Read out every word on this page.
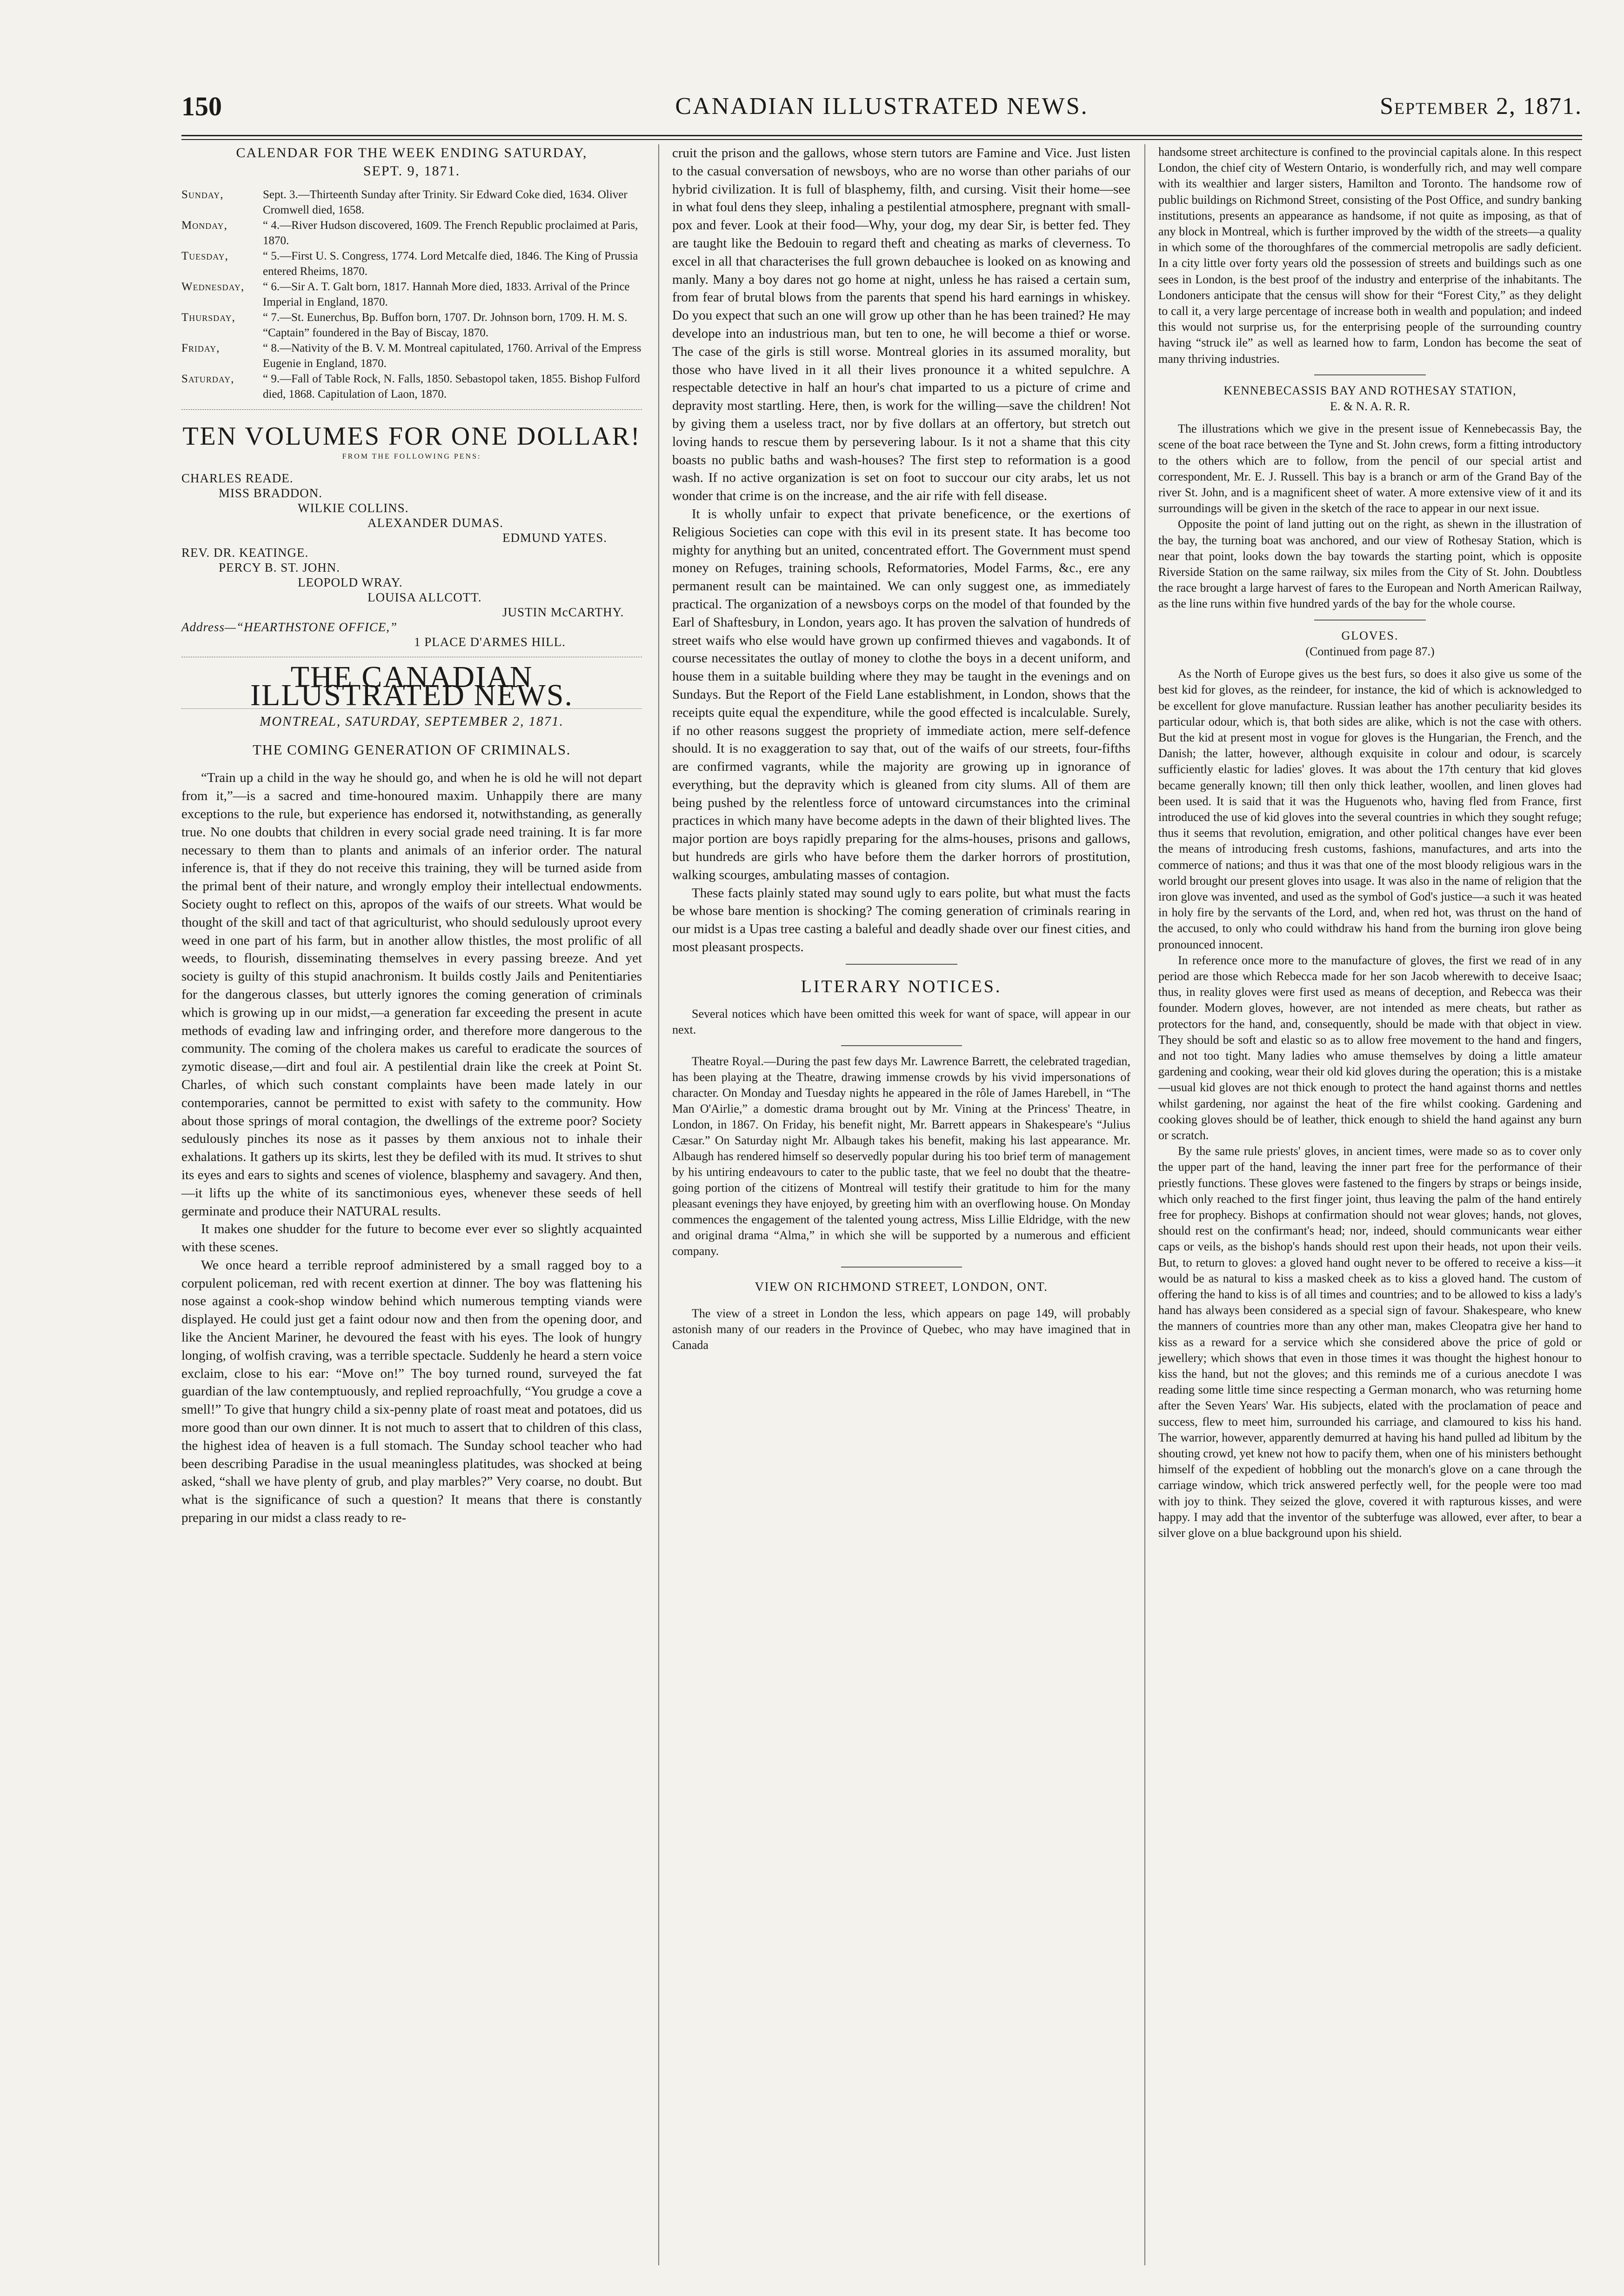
150	CANADIAN ILLUSTRATED NEWS.	September 2, 1871.
CALENDAR FOR THE WEEK ENDING SATURDAY,
SEPT. 9, 1871.
Sunday,	Sept. 3.—Thirteenth Sunday after Trinity. Sir Edward Coke died, 1634. Oliver Cromwell died, 1658.
Monday,	“ 4.—River Hudson discovered, 1609. The French Republic proclaimed at Paris, 1870.
Tuesday,	“ 5.—First U. S. Congress, 1774. Lord Metcalfe died, 1846. The King of Prussia entered Rheims, 1870.
Wednesday,	“ 6.—Sir A. T. Galt born, 1817. Hannah More died, 1833. Arrival of the Prince Imperial in England, 1870.
Thursday,	“ 7.—St. Eunerchus, Bp. Buffon born, 1707. Dr. Johnson born, 1709. H. M. S. “Captain” foundered in the Bay of Biscay, 1870.
Friday,	“ 8.—Nativity of the B. V. M. Montreal capitulated, 1760. Arrival of the Empress Eugenie in England, 1870.
Saturday,	“ 9.—Fall of Table Rock, N. Falls, 1850. Sebastopol taken, 1855. Bishop Fulford died, 1868. Capitulation of Laon, 1870.
TEN VOLUMES FOR ONE DOLLAR!
FROM THE FOLLOWING PENS:
CHARLES READE.
MISS BRADDON.
WILKIE COLLINS.
ALEXANDER DUMAS.
EDMUND YATES.
REV. DR. KEATINGE.
PERCY B. ST. JOHN.
LEOPOLD WRAY.
LOUISA ALLCOTT.
JUSTIN McCARTHY.
Address—“HEARTHSTONE OFFICE,”
1 PLACE D'ARMES HILL.
THE CANADIAN ILLUSTRATED NEWS.
MONTREAL, SATURDAY, SEPTEMBER 2, 1871.
THE COMING GENERATION OF CRIMINALS.

“Train up a child in the way he should go, and when he is old he will not depart from it,”—is a sacred and time-honoured maxim. Unhappily there are many exceptions to the rule, but experience has endorsed it, notwithstanding, as generally true. No one doubts that children in every social grade need training. It is far more necessary to them than to plants and animals of an inferior order. The natural inference is, that if they do not receive this training, they will be turned aside from the primal bent of their nature, and wrongly employ their intellectual endowments. Society ought to reflect on this, apropos of the waifs of our streets. What would be thought of the skill and tact of that agriculturist, who should sedulously uproot every weed in one part of his farm, but in another allow thistles, the most prolific of all weeds, to flourish, disseminating themselves in every passing breeze. And yet society is guilty of this stupid anachronism. It builds costly Jails and Penitentiaries for the dangerous classes, but utterly ignores the coming generation of criminals which is growing up in our midst,—a generation far exceeding the present in acute methods of evading law and infringing order, and therefore more dangerous to the community. The coming of the cholera makes us careful to eradicate the sources of zymotic disease,—dirt and foul air. A pestilential drain like the creek at Point St. Charles, of which such constant complaints have been made lately in our contemporaries, cannot be permitted to exist with safety to the community. How about those springs of moral contagion, the dwellings of the extreme poor? Society sedulously pinches its nose as it passes by them anxious not to inhale their exhalations. It gathers up its skirts, lest they be defiled with its mud. It strives to shut its eyes and ears to sights and scenes of violence, blasphemy and savagery. And then,—it lifts up the white of its sanctimonious eyes, whenever these seeds of hell germinate and produce their NATURAL results.

It makes one shudder for the future to become ever ever so slightly acquainted with these scenes.

We once heard a terrible reproof administered by a small ragged boy to a corpulent policeman, red with recent exertion at dinner. The boy was flattening his nose against a cook-shop window behind which numerous tempting viands were displayed. He could just get a faint odour now and then from the opening door, and like the Ancient Mariner, he devoured the feast with his eyes. The look of hungry longing, of wolfish craving, was a terrible spectacle. Suddenly he heard a stern voice exclaim, close to his ear: “Move on!” The boy turned round, surveyed the fat guardian of the law contemptuously, and replied reproachfully, “You grudge a cove a smell!” To give that hungry child a six-penny plate of roast meat and potatoes, did us more good than our own dinner. It is not much to assert that to children of this class, the highest idea of heaven is a full stomach. The Sunday school teacher who had been describing Paradise in the usual meaningless platitudes, was shocked at being asked, “shall we have plenty of grub, and play marbles?” Very coarse, no doubt. But what is the significance of such a question? It means that there is constantly preparing in our midst a class ready to re-

cruit the prison and the gallows, whose stern tutors are Famine and Vice. Just listen to the casual conversation of newsboys, who are no worse than other pariahs of our hybrid civilization. It is full of blasphemy, filth, and cursing. Visit their home—see in what foul dens they sleep, inhaling a pestilential atmosphere, pregnant with small-pox and fever. Look at their food—Why, your dog, my dear Sir, is better fed. They are taught like the Bedouin to regard theft and cheating as marks of cleverness. To excel in all that characterises the full grown debauchee is looked on as knowing and manly. Many a boy dares not go home at night, unless he has raised a certain sum, from fear of brutal blows from the parents that spend his hard earnings in whiskey. Do you expect that such an one will grow up other than he has been trained? He may develope into an industrious man, but ten to one, he will become a thief or worse. The case of the girls is still worse. Montreal glories in its assumed morality, but those who have lived in it all their lives pronounce it a whited sepulchre. A respectable detective in half an hour's chat imparted to us a picture of crime and depravity most startling. Here, then, is work for the willing—save the children! Not by giving them a useless tract, nor by five dollars at an offertory, but stretch out loving hands to rescue them by persevering labour. Is it not a shame that this city boasts no public baths and wash-houses? The first step to reformation is a good wash. If no active organization is set on foot to succour our city arabs, let us not wonder that crime is on the increase, and the air rife with fell disease.

It is wholly unfair to expect that private beneficence, or the exertions of Religious Societies can cope with this evil in its present state. It has become too mighty for anything but an united, concentrated effort. The Government must spend money on Refuges, training schools, Reformatories, Model Farms, &c., ere any permanent result can be maintained. We can only suggest one, as immediately practical. The organization of a newsboys corps on the model of that founded by the Earl of Shaftesbury, in London, years ago. It has proven the salvation of hundreds of street waifs who else would have grown up confirmed thieves and vagabonds. It of course necessitates the outlay of money to clothe the boys in a decent uniform, and house them in a suitable building where they may be taught in the evenings and on Sundays. But the Report of the Field Lane establishment, in London, shows that the receipts quite equal the expenditure, while the good effected is incalculable. Surely, if no other reasons suggest the propriety of immediate action, mere self-defence should. It is no exaggeration to say that, out of the waifs of our streets, four-fifths are confirmed vagrants, while the majority are growing up in ignorance of everything, but the depravity which is gleaned from city slums. All of them are being pushed by the relentless force of untoward circumstances into the criminal practices in which many have become adepts in the dawn of their blighted lives. The major portion are boys rapidly preparing for the alms-houses, prisons and gallows, but hundreds are girls who have before them the darker horrors of prostitution, walking scourges, ambulating masses of contagion.

These facts plainly stated may sound ugly to ears polite, but what must the facts be whose bare mention is shocking? The coming generation of criminals rearing in our midst is a Upas tree casting a baleful and deadly shade over our finest cities, and most pleasant prospects.

LITERARY NOTICES.

Several notices which have been omitted this week for want of space, will appear in our next.

Theatre Royal.—During the past few days Mr. Lawrence Barrett, the celebrated tragedian, has been playing at the Theatre, drawing immense crowds by his vivid impersonations of character. On Monday and Tuesday nights he appeared in the rôle of James Harebell, in “The Man O'Airlie,” a domestic drama brought out by Mr. Vining at the Princess' Theatre, in London, in 1867. On Friday, his benefit night, Mr. Barrett appears in Shakespeare's “Julius Cæsar.” On Saturday night Mr. Albaugh takes his benefit, making his last appearance. Mr. Albaugh has rendered himself so deservedly popular during his too brief term of management by his untiring endeavours to cater to the public taste, that we feel no doubt that the theatre-going portion of the citizens of Montreal will testify their gratitude to him for the many pleasant evenings they have enjoyed, by greeting him with an overflowing house. On Monday commences the engagement of the talented young actress, Miss Lillie Eldridge, with the new and original drama “Alma,” in which she will be supported by a numerous and efficient company.

VIEW ON RICHMOND STREET, LONDON, ONT.

The view of a street in London the less, which appears on page 149, will probably astonish many of our readers in the Province of Quebec, who may have imagined that in Canada

handsome street architecture is confined to the provincial capitals alone. In this respect London, the chief city of Western Ontario, is wonderfully rich, and may well compare with its wealthier and larger sisters, Hamilton and Toronto. The handsome row of public buildings on Richmond Street, consisting of the Post Office, and sundry banking institutions, presents an appearance as handsome, if not quite as imposing, as that of any block in Montreal, which is further improved by the width of the streets—a quality in which some of the thoroughfares of the commercial metropolis are sadly deficient. In a city little over forty years old the possession of streets and buildings such as one sees in London, is the best proof of the industry and enterprise of the inhabitants. The Londoners anticipate that the census will show for their “Forest City,” as they delight to call it, a very large percentage of increase both in wealth and population; and indeed this would not surprise us, for the enterprising people of the surrounding country having “struck ile” as well as learned how to farm, London has become the seat of many thriving industries.

KENNEBECASSIS BAY AND ROTHESAY STATION,
E. & N. A. R. R.

The illustrations which we give in the present issue of Kennebecassis Bay, the scene of the boat race between the Tyne and St. John crews, form a fitting introductory to the others which are to follow, from the pencil of our special artist and correspondent, Mr. E. J. Russell. This bay is a branch or arm of the Grand Bay of the river St. John, and is a magnificent sheet of water. A more extensive view of it and its surroundings will be given in the sketch of the race to appear in our next issue.

Opposite the point of land jutting out on the right, as shewn in the illustration of the bay, the turning boat was anchored, and our view of Rothesay Station, which is near that point, looks down the bay towards the starting point, which is opposite Riverside Station on the same railway, six miles from the City of St. John. Doubtless the race brought a large harvest of fares to the European and North American Railway, as the line runs within five hundred yards of the bay for the whole course.

GLOVES.
(Continued from page 87.)

As the North of Europe gives us the best furs, so does it also give us some of the best kid for gloves, as the reindeer, for instance, the kid of which is acknowledged to be excellent for glove manufacture. Russian leather has another peculiarity besides its particular odour, which is, that both sides are alike, which is not the case with others. But the kid at present most in vogue for gloves is the Hungarian, the French, and the Danish; the latter, however, although exquisite in colour and odour, is scarcely sufficiently elastic for ladies' gloves. It was about the 17th century that kid gloves became generally known; till then only thick leather, woollen, and linen gloves had been used. It is said that it was the Huguenots who, having fled from France, first introduced the use of kid gloves into the several countries in which they sought refuge; thus it seems that revolution, emigration, and other political changes have ever been the means of introducing fresh customs, fashions, manufactures, and arts into the commerce of nations; and thus it was that one of the most bloody religious wars in the world brought our present gloves into usage. It was also in the name of religion that the iron glove was invented, and used as the symbol of God's justice—a such it was heated in holy fire by the servants of the Lord, and, when red hot, was thrust on the hand of the accused, to only who could withdraw his hand from the burning iron glove being pronounced innocent.

In reference once more to the manufacture of gloves, the first we read of in any period are those which Rebecca made for her son Jacob wherewith to deceive Isaac; thus, in reality gloves were first used as means of deception, and Rebecca was their founder. Modern gloves, however, are not intended as mere cheats, but rather as protectors for the hand, and, consequently, should be made with that object in view. They should be soft and elastic so as to allow free movement to the hand and fingers, and not too tight. Many ladies who amuse themselves by doing a little amateur gardening and cooking, wear their old kid gloves during the operation; this is a mistake—usual kid gloves are not thick enough to protect the hand against thorns and nettles whilst gardening, nor against the heat of the fire whilst cooking. Gardening and cooking gloves should be of leather, thick enough to shield the hand against any burn or scratch.

By the same rule priests' gloves, in ancient times, were made so as to cover only the upper part of the hand, leaving the inner part free for the performance of their priestly functions. These gloves were fastened to the fingers by straps or beings inside, which only reached to the first finger joint, thus leaving the palm of the hand entirely free for prophecy. Bishops at confirmation should not wear gloves; hands, not gloves, should rest on the confirmant's head; nor, indeed, should communicants wear either caps or veils, as the bishop's hands should rest upon their heads, not upon their veils. But, to return to gloves: a gloved hand ought never to be offered to receive a kiss—it would be as natural to kiss a masked cheek as to kiss a gloved hand. The custom of offering the hand to kiss is of all times and countries; and to be allowed to kiss a lady's hand has always been considered as a special sign of favour. Shakespeare, who knew the manners of countries more than any other man, makes Cleopatra give her hand to kiss as a reward for a service which she considered above the price of gold or jewellery; which shows that even in those times it was thought the highest honour to kiss the hand, but not the gloves; and this reminds me of a curious anecdote I was reading some little time since respecting a German monarch, who was returning home after the Seven Years' War. His subjects, elated with the proclamation of peace and success, flew to meet him, surrounded his carriage, and clamoured to kiss his hand. The warrior, however, apparently demurred at having his hand pulled ad libitum by the shouting crowd, yet knew not how to pacify them, when one of his ministers bethought himself of the expedient of hobbling out the monarch's glove on a cane through the carriage window, which trick answered perfectly well, for the people were too mad with joy to think. They seized the glove, covered it with rapturous kisses, and were happy. I may add that the inventor of the subterfuge was allowed, ever after, to bear a silver glove on a blue background upon his shield.
